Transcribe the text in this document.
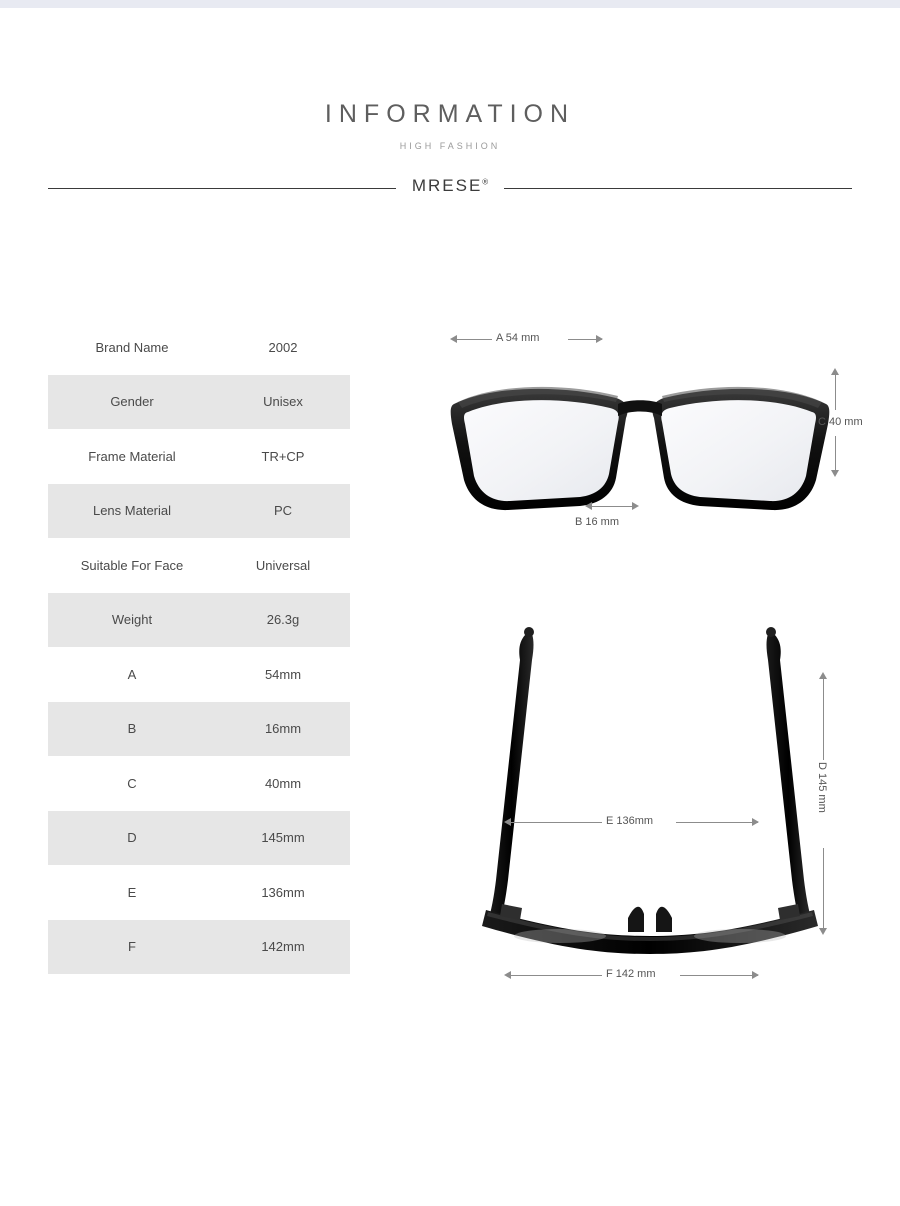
INFORMATION
HIGH FASHION
MRESE®
Brand Name	2002
Gender	Unisex
Frame Material	TR+CP
Lens Material	PC
Suitable For Face	Universal
Weight	26.3g
A	54mm
B	16mm
C	40mm
D	145mm
E	136mm
F	142mm
A 54 mm
B 16 mm
C 40 mm
E 136mm
D 145 mm
F 142 mm
